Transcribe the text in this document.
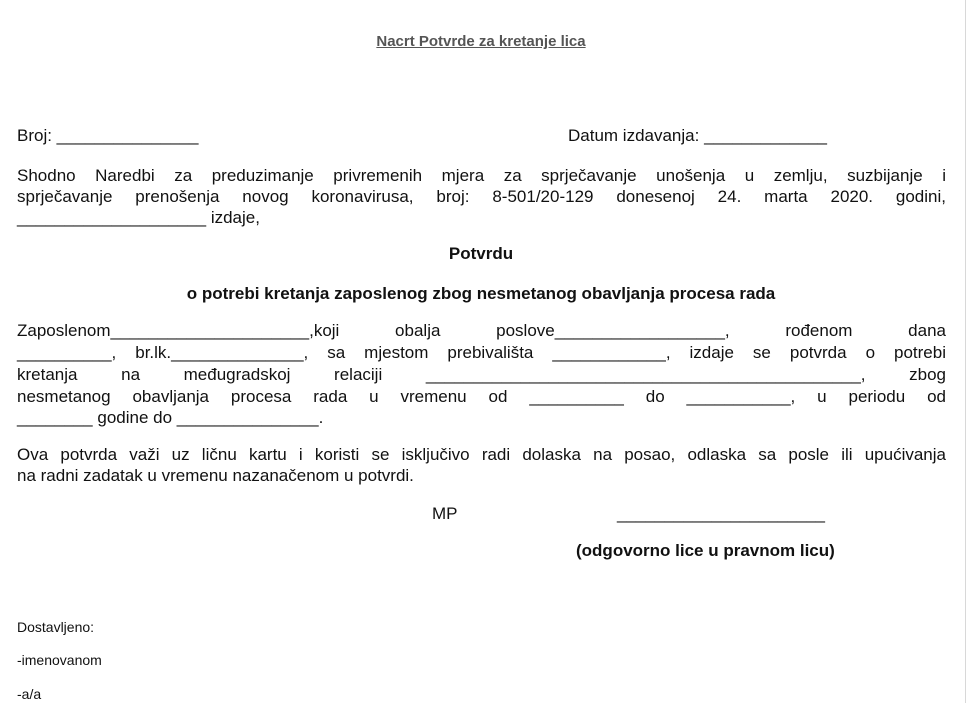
Nacrt Potvrde za kretanje lica
Broj: _______________	Datum izdavanja: _____________
Shodno Naredbi za preduzimanje privremenih mjera za sprječavanje unošenja u zemlju, suzbijanje i
sprječavanje prenošenja novog koronavirusa, broj: 8-501/20-129 donesenoj 24. marta 2020. godini,
____________________ izdaje,
Potvrdu
o potrebi kretanja zaposlenog zbog nesmetanog obavljanja procesa rada
Zaposlenom_____________________,koji obalja poslove__________________, rođenom dana
__________, br.lk.______________, sa mjestom prebivališta ____________, izdaje se potvrda o potrebi
kretanja na međugradskoj relaciji ______________________________________________, zbog
nesmetanog obavljanja procesa rada u vremenu od __________ do ___________, u periodu od
________ godine do _______________.
Ova potvrda važi uz ličnu kartu i koristi se isključivo radi dolaska na posao, odlaska sa posle ili upućivanja
na radni zadatak u vremenu nazanačenom u potvrdi.
MP	______________________
(odgovorno lice u pravnom licu)
Dostavljeno:
-imenovanom
-a/a
